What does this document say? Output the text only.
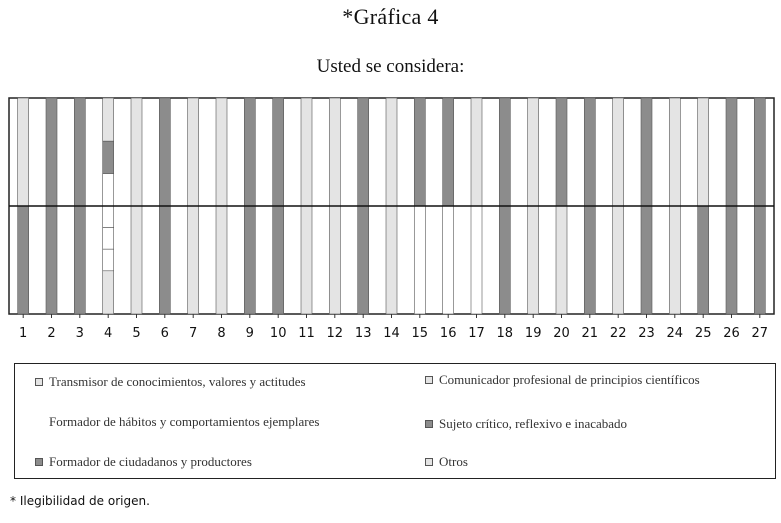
*Gráfica 4
Usted se considera:
1 2 3 4 5 6 7 8 9 10 11 12 13 14 15 16 17 18 19 20 21 22 23 24 25 26 27
Transmisor de conocimientos, valores y actitudes	Comunicador profesional de principios científicos
Formador de hábitos y comportamientos ejemplares	Sujeto crítico, reflexivo e inacabado
Formador de ciudadanos y productores	Otros
* Ilegibilidad de origen.
